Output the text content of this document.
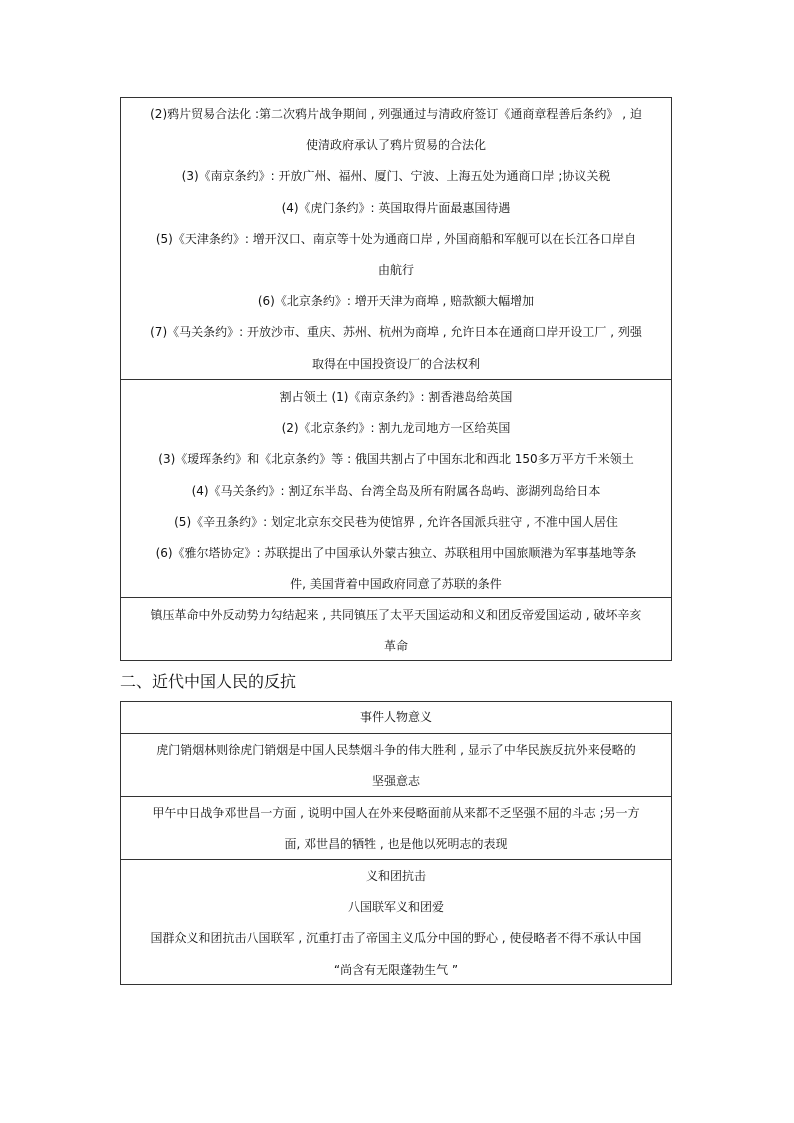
(2)鸦片贸易合法化 :第二次鸦片战争期间 , 列强通过与清政府签订《通商章程善后条约》 , 迫
使清政府承认了鸦片贸易的合法化
(3)《南京条约》: 开放广州、福州、厦门、宁波、上海五处为通商口岸 ;协议关税
(4)《虎门条约》: 英国取得片面最惠国待遇
(5)《天津条约》: 增开汉口、南京等十处为通商口岸 , 外国商船和军舰可以在长江各口岸自
由航行
(6)《北京条约》: 增开天津为商埠 , 赔款额大幅增加
(7)《马关条约》: 开放沙市、重庆、苏州、杭州为商埠 , 允许日本在通商口岸开设工厂 , 列强
取得在中国投资设厂的合法权利
割占领土 (1)《南京条约》: 割香港岛给英国
(2)《北京条约》: 割九龙司地方一区给英国
(3)《瑷珲条约》和《北京条约》等 : 俄国共割占了中国东北和西北 150多万平方千米领土
(4)《马关条约》: 割辽东半岛、台湾全岛及所有附属各岛屿、澎湖列岛给日本
(5)《辛丑条约》: 划定北京东交民巷为使馆界 , 允许各国派兵驻守 , 不准中国人居住
(6)《雅尔塔协定》: 苏联提出了中国承认外蒙古独立、苏联租用中国旅顺港为军事基地等条
件, 美国背着中国政府同意了苏联的条件
镇压革命中外反动势力勾结起来 , 共同镇压了太平天国运动和义和团反帝爱国运动 , 破坏辛亥
革命
二、近代中国人民的反抗
事件人物意义
虎门销烟林则徐虎门销烟是中国人民禁烟斗争的伟大胜利 , 显示了中华民族反抗外来侵略的
坚强意志
甲午中日战争邓世昌一方面 , 说明中国人在外来侵略面前从来都不乏坚强不屈的斗志 ;另一方
面, 邓世昌的牺牲 , 也是他以死明志的表现
义和团抗击
八国联军义和团爱
国群众义和团抗击八国联军 , 沉重打击了帝国主义瓜分中国的野心 , 使侵略者不得不承认中国
“尚含有无限蓬勃生气 ”
